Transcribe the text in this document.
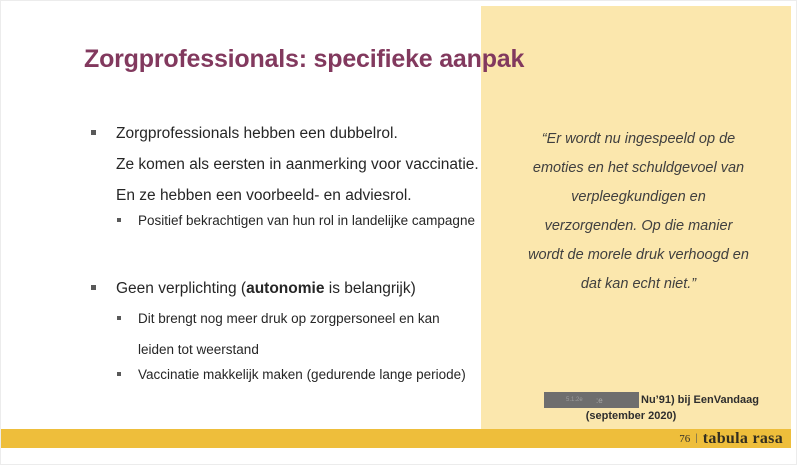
Zorgprofessionals: specifieke aanpak
Zorgprofessionals hebben een dubbelrol.
Ze komen als eersten in aanmerking voor vaccinatie.
En ze hebben een voorbeeld- en adviesrol.
Positief bekrachtigen van hun rol in landelijke campagne
Geen verplichting (autonomie is belangrijk)
Dit brengt nog meer druk op zorgpersoneel en kan
leiden tot weerstand
Vaccinatie makkelijk maken (gedurende lange periode)
“Er wordt nu ingespeeld op de
emoties en het schuldgevoel van
verpleegkundigen en
verzorgenden. Op die manier
wordt de morele druk verhoogd en
dat kan echt niet.”
5.1.2e :e	Nu’91) bij EenVandaag
(september 2020)
76 | tabula rasa
